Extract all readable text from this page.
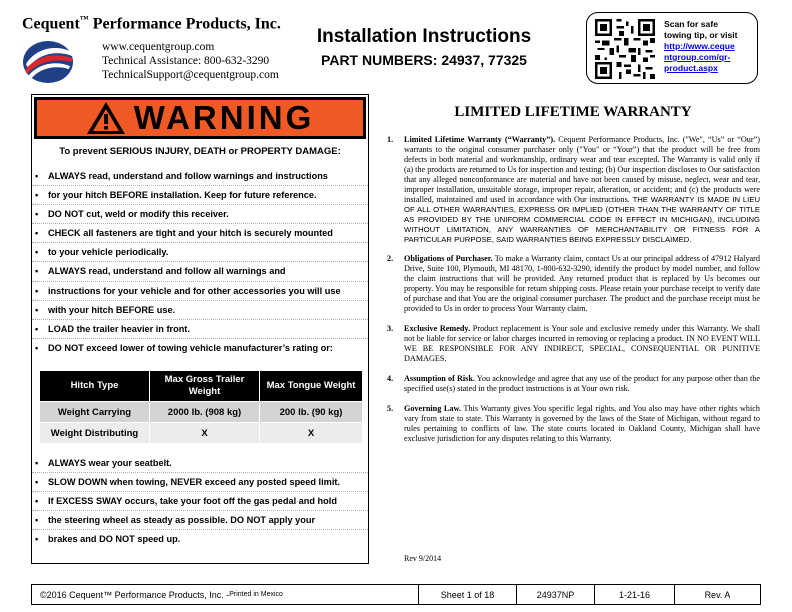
Cequent™ Performance Products, Inc.
www.cequentgroup.com
Technical Assistance: 800-632-3290
TechnicalSupport@cequentgroup.com
Installation Instructions
PART NUMBERS: 24937, 77325
Scan for safe
towing tip, or visit
http://www.ceque
ntgroup.com/qr-
product.aspx
WARNING
To prevent SERIOUS INJURY, DEATH or PROPERTY DAMAGE:
• ALWAYS read, understand and follow warnings and instructions
• for your hitch BEFORE installation. Keep for future reference.
• DO NOT cut, weld or modify this receiver.
• CHECK all fasteners are tight and your hitch is securely mounted
• to your vehicle periodically.
• ALWAYS read, understand and follow all warnings and
• instructions for your vehicle and for other accessories you will use
• with your hitch BEFORE use.
• LOAD the trailer heavier in front.
• DO NOT exceed lower of towing vehicle manufacturer’s rating or:
Hitch Type	Max Gross Trailer Weight	Max Tongue Weight
Weight Carrying	2000 lb. (908 kg)	200 lb. (90 kg)
Weight Distributing	X	X
• ALWAYS wear your seatbelt.
• SLOW DOWN when towing, NEVER exceed any posted speed limit.
• If EXCESS SWAY occurs, take your foot off the gas pedal and hold
• the steering wheel as steady as possible. DO NOT apply your
• brakes and DO NOT speed up.
LIMITED LIFETIME WARRANTY
1. Limited Lifetime Warranty (“Warranty”). Cequent Performance Products, Inc. ("We", “Us” or “Our”) warrants to the original consumer purchaser only ("You" or “Your”) that the product will be free from defects in both material and workmanship, ordinary wear and tear excepted. The Warranty is valid only if (a) the products are returned to Us for inspection and testing; (b) Our inspection discloses to Our satisfaction that any alleged nonconformance are material and have not been caused by misuse, neglect, wear and tear, improper installation, unsuitable storage, improper repair, alteration, or accident; and (c) the products were installed, maintained and used in accordance with Our instructions. THE WARRANTY IS MADE IN LIEU OF ALL OTHER WARRANTIES, EXPRESS OR IMPLIED (OTHER THAN THE WARRANTY OF TITLE AS PROVIDED BY THE UNIFORM COMMERCIAL CODE IN EFFECT IN MICHIGAN), INCLUDING WITHOUT LIMITATION, ANY WARRANTIES OF MERCHANTABILITY OR FITNESS FOR A PARTICULAR PURPOSE, SAID WARRANTIES BEING EXPRESSLY DISCLAIMED.
2. Obligations of Purchaser. To make a Warranty claim, contact Us at our principal address of 47912 Halyard Drive, Suite 100, Plymouth, MI 48170, 1-800-632-3290, identify the product by model number, and follow the claim instructions that will be provided. Any returned product that is replaced by Us becomes our property. You may be responsible for return shipping costs. Please retain your purchase receipt to verify date of purchase and that You are the original consumer purchaser. The product and the purchase receipt must be provided to Us in order to process Your Warranty claim.
3. Exclusive Remedy. Product replacement is Your sole and exclusive remedy under this Warranty. We shall not be liable for service or labor charges incurred in removing or replacing a product. IN NO EVENT WILL WE BE RESPONSIBLE FOR ANY INDIRECT, SPECIAL, CONSEQUENTIAL OR PUNITIVE DAMAGES.
4. Assumption of Risk. You acknowledge and agree that any use of the product for any purpose other than the specified use(s) stated in the product instructions is at Your own risk.
5. Governing Law. This Warranty gives You specific legal rights, and You also may have other rights which vary from state to state. This Warranty is governed by the laws of the State of Michigan, without regard to rules pertaining to conflicts of law. The state courts located in Oakland County, Michigan shall have exclusive jurisdiction for any disputes relating to this Warranty.
Rev 9/2014
©2016 Cequent™ Performance Products, Inc. - Printed in Mexico	Sheet 1 of 18	24937NP	1-21-16	Rev. A
